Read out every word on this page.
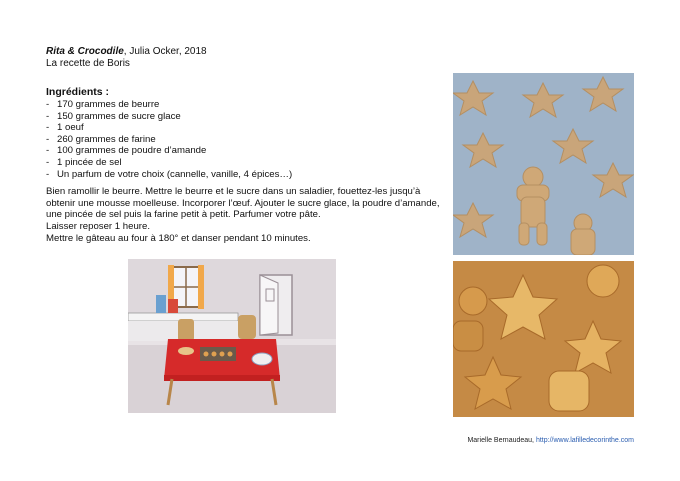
Rita & Crocodile, Julia Ocker, 2018
La recette de Boris
Ingrédients :
- 170 grammes de beurre
- 150 grammes de sucre glace
- 1 oeuf
- 260 grammes de farine
- 100 grammes de poudre d’amande
- 1 pincée de sel
- Un parfum de votre choix (cannelle, vanille, 4 épices…)
Bien ramollir le beurre. Mettre le beurre et le sucre dans un saladier, fouettez-les jusqu’à obtenir une mousse moelleuse. Incorporer l’œuf. Ajouter le sucre glace, la poudre d’amande, une pincée de sel puis la farine petit à petit. Parfumer votre pâte.
Laisser reposer 1 heure.
Mettre le gâteau au four à 180° et danser pendant 10 minutes.
Marielle Bernaudeau, http://www.lafilledecorinthe.com
